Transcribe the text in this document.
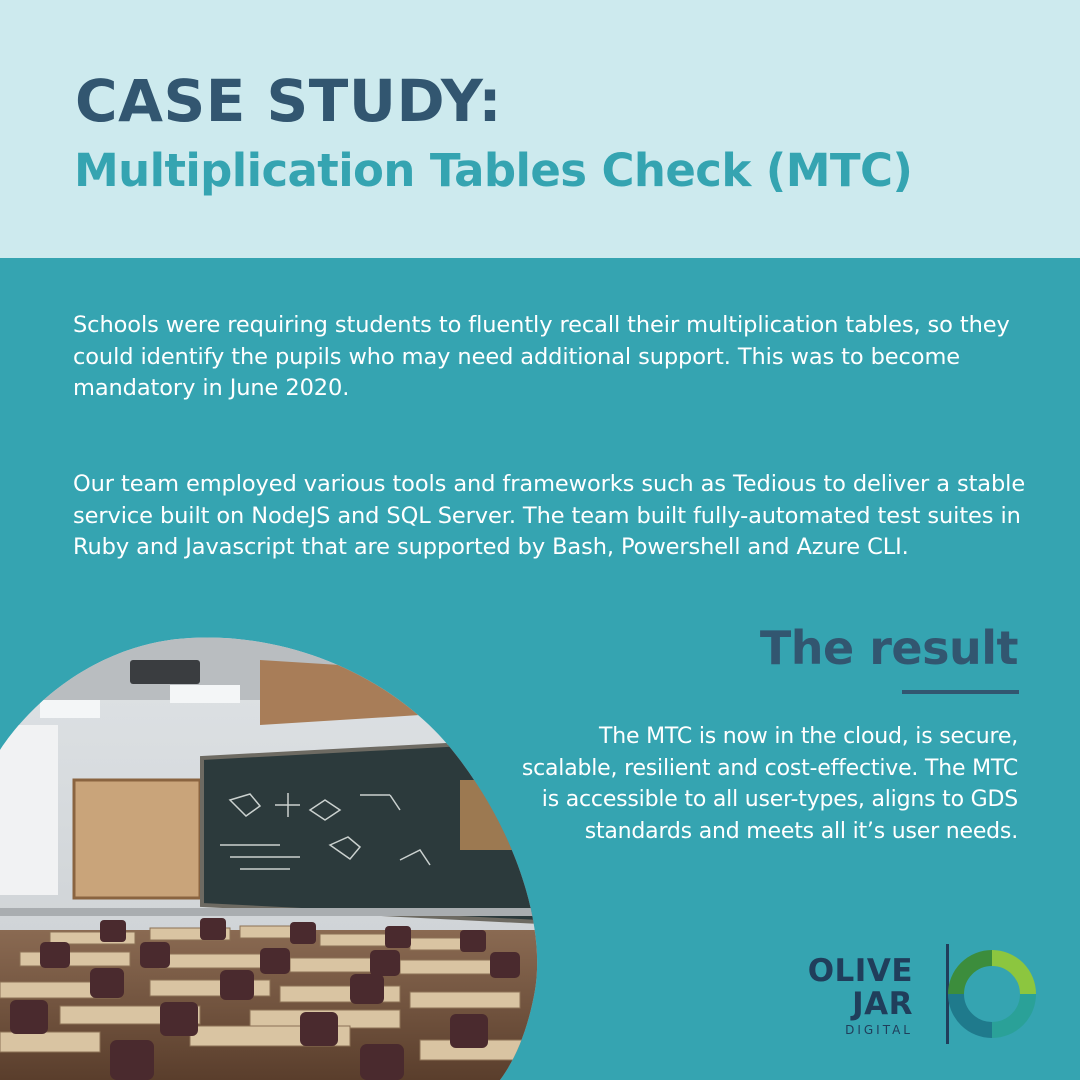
CASE STUDY:
Multiplication Tables Check (MTC)

Schools were requiring students to fluently recall their multiplication tables, so they could identify the pupils who may need additional support. This was to become mandatory in June 2020.

Our team employed various tools and frameworks such as Tedious to deliver a stable service built on NodeJS and SQL Server. The team built fully-automated test suites in Ruby and Javascript that are supported by Bash, Powershell and Azure CLI.

The result

The MTC is now in the cloud, is secure, scalable, resilient and cost-effective. The MTC is accessible to all user-types, aligns to GDS standards and meets all it’s user needs.

OLIVE
JAR
DIGITAL
